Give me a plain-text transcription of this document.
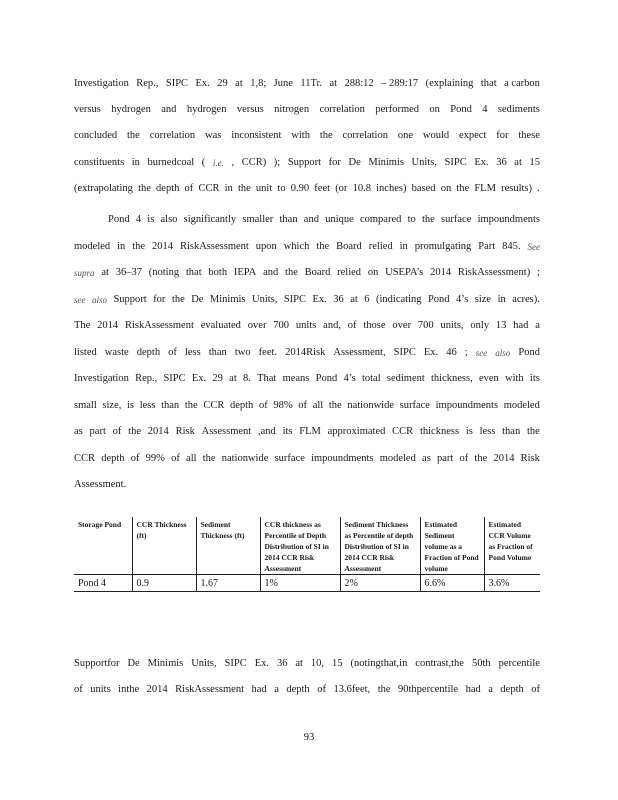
Investigation Rep., SIPC Ex. 29 at 1,8; June 11Tr. at 288:12 – 289:17 (explaining that a carbon
versus hydrogen and hydrogen versus nitrogen correlation performed on Pond 4 sediments
concluded the correlation was inconsistent with the correlation one would expect for these
constituents in burnedcoal ( i.e. , CCR) ); Support for De Minimis Units, SIPC Ex. 36 at 15
(extrapolating the depth of CCR in the unit to 0.90 feet (or 10.8 inches) based on the FLM results) .
Pond 4 is also significantly smaller than and unique compared to the surface impoundments
modeled in the 2014 RiskAssessment upon which the Board relied in promulgating Part 845. See
supra at 36–37 (noting that both IEPA and the Board relied on USEPA’s 2014 RiskAssessment) ;
see also Support for the De Minimis Units, SIPC Ex. 36 at 6 (indicating Pond 4’s size in acres).
The 2014 RiskAssessment evaluated over 700 units and, of those over 700 units, only 13 had a
listed waste depth of less than two feet. 2014Risk Assessment, SIPC Ex. 46 ; see also Pond
Investigation Rep., SIPC Ex. 29 at 8. That means Pond 4’s total sediment thickness, even with its
small size, is less than the CCR depth of 98% of all the nationwide surface impoundments modeled
as part of the 2014 Risk Assessment ,and its FLM approximated CCR thickness is less than the
CCR depth of 99% of all the nationwide surface impoundments modeled as part of the 2014 Risk
Assessment.
Storage Pond	CCR Thickness (ft)	Sediment Thickness (ft)	CCR thickness as Percentile of Depth Distribution of SI in 2014 CCR Risk Assessment	Sediment Thickness as Percentile of depth Distribution of SI in 2014 CCR Risk Assessment	Estimated Sediment volume as a Fraction of Pond volume	Estimated CCR Volume as Fraction of Pond Volume
Pond 4	0.9	1.67	1%	2%	6.6%	3.6%
Supportfor De Minimis Units, SIPC Ex. 36 at 10, 15 (notingthat,in contrast,the 50th percentile
of units inthe 2014 RiskAssessment had a depth of 13.6feet, the 90thpercentile had a depth of
93
